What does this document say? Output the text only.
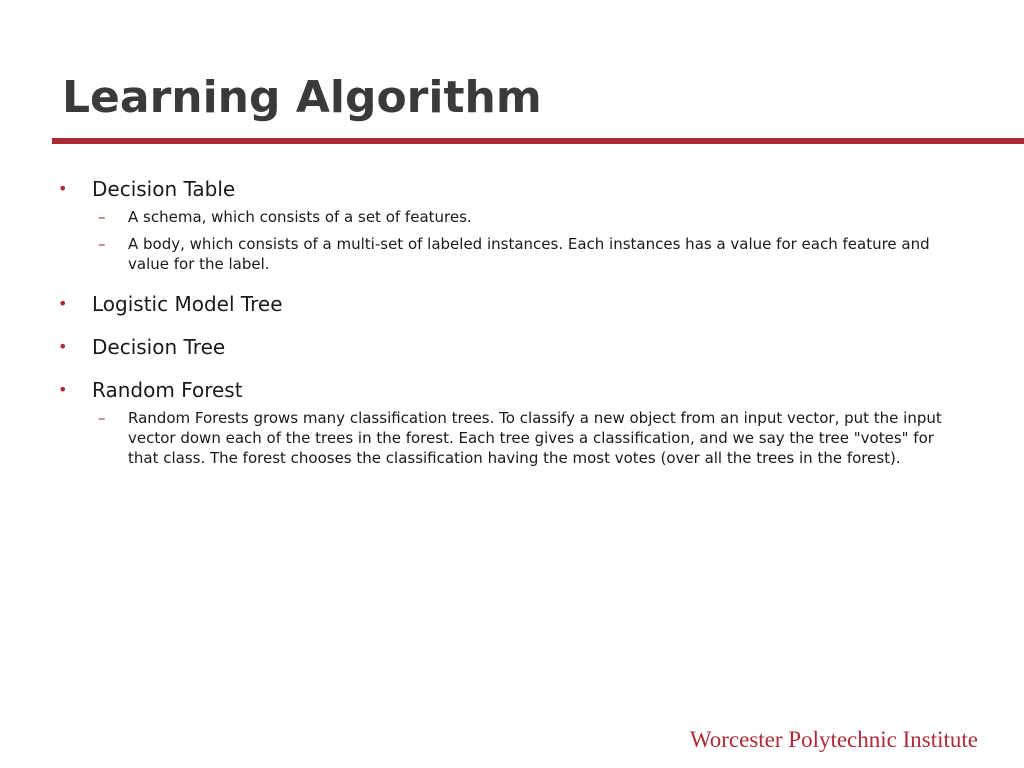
Learning Algorithm
• Decision Table
– A schema, which consists of a set of features.
– A body, which consists of a multi-set of labeled instances. Each instances has a value for each feature and value for the label.
• Logistic Model Tree
• Decision Tree
• Random Forest
– Random Forests grows many classification trees. To classify a new object from an input vector, put the input vector down each of the trees in the forest. Each tree gives a classification, and we say the tree "votes" for that class. The forest chooses the classification having the most votes (over all the trees in the forest).
Worcester Polytechnic Institute
